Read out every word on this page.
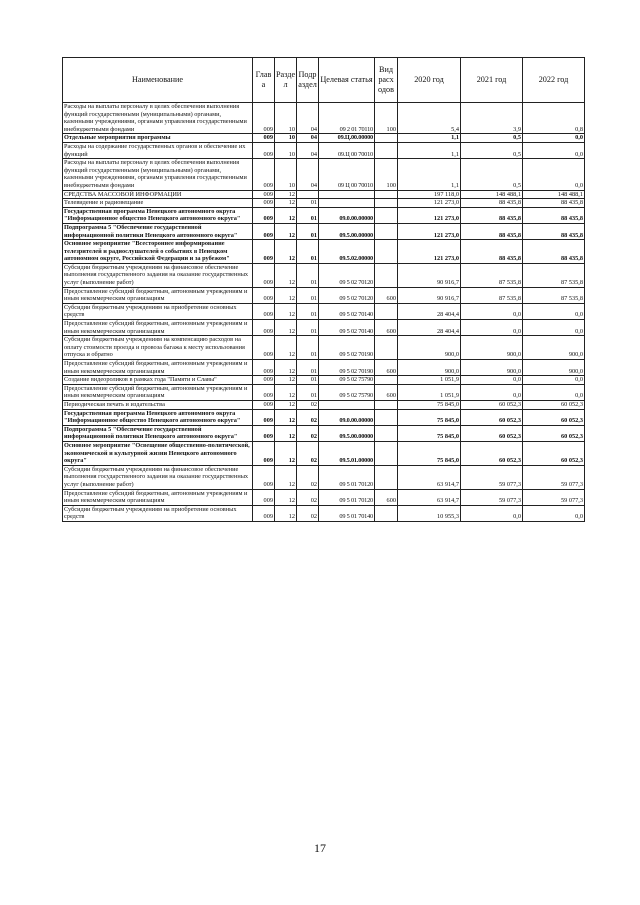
Наименование	Глав а	Разде л	Подр аздел	Целевая статья	Вид расх одов	2020 год	2021 год	2022 год
Расходы на выплаты персоналу в целях обеспечения выполнения функций государственными (муниципальными) органами, казенными учреждениями, органами управления государственными внебюджетными фондами	009	10	04	09 2 01 70110	100	5,4	3,9	0,8
Отдельные мероприятия программы	009	10	04	09.Ц.00.00000		1,1	0,5	0,0
Расходы на содержание государственных органов и обеспечение их функций	009	10	04	09.Ц 00 70010		1,1	0,5	0,0
Расходы на выплаты персоналу в целях обеспечения выполнения функций государственными (муниципальными) органами, казенными учреждениями, органами управления государственными внебюджетными фондами	009	10	04	09 Ц 00 70010	100	1,1	0,5	0,0
СРЕДСТВА МАССОВОЙ ИНФОРМАЦИИ	009	12				197 118,0	148 488,1	148 488,1
Телевидение и радиовещание	009	12	01			121 273,0	88 435,8	88 435,8
Государственная программа Ненецкого автономного округа "Информационное общество Ненецкого автономного округа"	009	12	01	09.0.00.00000		121 273,0	88 435,8	88 435,8
Подпрограмма 5 "Обеспечение государственной информационной политики Ненецкого автономного округа"	009	12	01	09.5.00.00000		121 273,0	88 435,8	88 435,8
Основное мероприятие "Всестороннее информирование телезрителей и радиослушателей о событиях в Ненецком автономном округе, Российской Федерации и за рубежом"	009	12	01	09.5.02.00000		121 273,0	88 435,8	88 435,8
Субсидии бюджетным учреждениям на финансовое обеспечение выполнения государственного задания на оказание государственных услуг (выполнение работ)	009	12	01	09 5 02 70120		90 916,7	87 535,8	87 535,8
Предоставление субсидий бюджетным, автономным учреждениям и иным некоммерческим организациям	009	12	01	09 5 02 70120	600	90 916,7	87 535,8	87 535,8
Субсидии бюджетным учреждениям на приобретение основных средств	009	12	01	09 5 02 70140		28 404,4	0,0	0,0
Предоставление субсидий бюджетным, автономным учреждениям и иным некоммерческим организациям	009	12	01	09 5 02 70140	600	28 404,4	0,0	0,0
Субсидии бюджетным учреждениям на компенсацию расходов на оплату стоимости проезда и провоза багажа к месту использования отпуска и обратно	009	12	01	09 5 02 70190		900,0	900,0	900,0
Предоставление субсидий бюджетным, автономным учреждениям и иным некоммерческим организациям	009	12	01	09 5 02 70190	600	900,0	900,0	900,0
Создание видеороликов в рамках года "Памяти и Славы"	009	12	01	09 5 02 75790		1 051,9	0,0	0,0
Предоставление субсидий бюджетным, автономным учреждениям и иным некоммерческим организациям	009	12	01	09 5 02 75790	600	1 051,9	0,0	0,0
Периодическая печать и издательства	009	12	02			75 845,0	60 052,3	60 052,3
Государственная программа Ненецкого автономного округа "Информационное общество Ненецкого автономного округа"	009	12	02	09.0.00.00000		75 845,0	60 052,3	60 052,3
Подпрограмма 5 "Обеспечение государственной информационной политики Ненецкого автономного округа"	009	12	02	09.5.00.00000		75 845,0	60 052,3	60 052,3
Основное мероприятие "Освещение общественно-политической, экономической и культурной жизни Ненецкого автономного округа"	009	12	02	09.5.01.00000		75 845,0	60 052,3	60 052,3
Субсидии бюджетным учреждениям на финансовое обеспечение выполнения государственного задания на оказание государственных услуг (выполнение работ)	009	12	02	09 5 01 70120		63 914,7	59 077,3	59 077,3
Предоставление субсидий бюджетным, автономным учреждениям и иным некоммерческим организациям	009	12	02	09 5 01 70120	600	63 914,7	59 077,3	59 077,3
Субсидии бюджетным учреждениям на приобретение основных средств	009	12	02	09 5 01 70140		10 955,3	0,0	0,0
17
